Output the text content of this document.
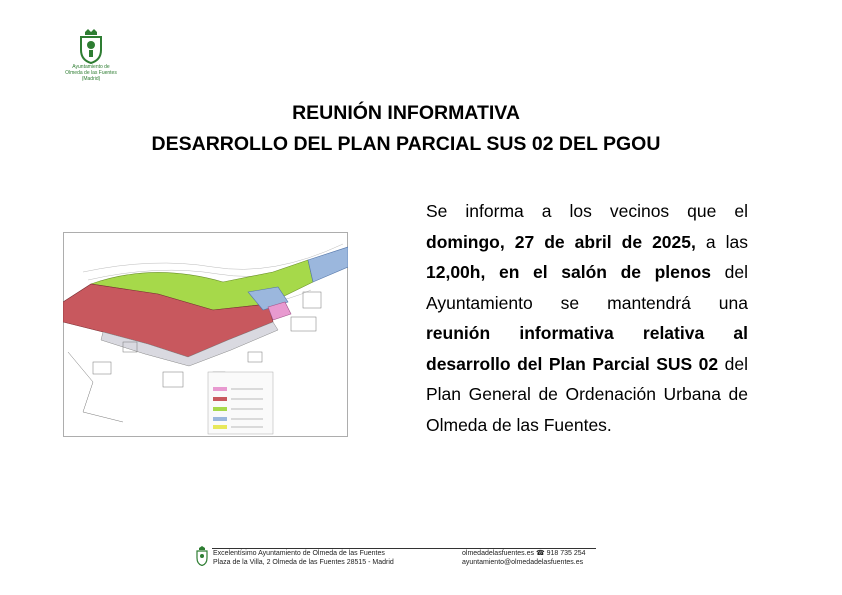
Ayuntamiento de
Olmeda de las Fuentes
(Madrid)
REUNIÓN INFORMATIVA
DESARROLLO DEL PLAN PARCIAL SUS 02 DEL PGOU
Se informa a los vecinos que el
domingo, 27 de abril de 2025, a las
12,00h, en el salón de plenos del
Ayuntamiento se mantendrá una
reunión informativa relativa al
desarrollo del Plan Parcial SUS 02 del
Plan General de Ordenación Urbana de
Olmeda de las Fuentes.
Excelentísimo Ayuntamiento de Olmeda de las Fuentes
Plaza de la Villa, 2 Olmeda de las Fuentes 28515 - Madrid
olmedadelasfuentes.es ☎ 918 735 254
ayuntamiento@olmedadelasfuentes.es
